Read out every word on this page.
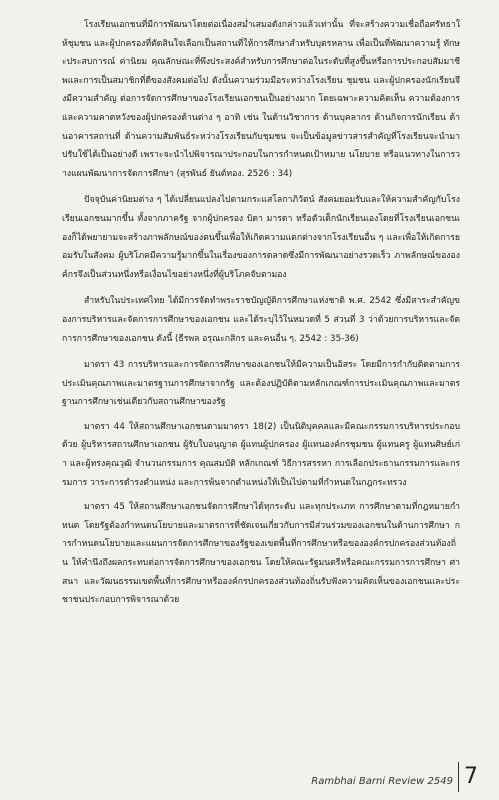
โรงเรียนเอกชนที่มีการพัฒนาโดยต่อเนื่องสม่ำเสมอดังกล่าวแล้วเท่านั้น ที่จะสร้างความเชื่อถือศรัทธาให้ชุมชน และผู้ปกครองที่ตัดสินใจเลือกเป็นสถานที่ให้การศึกษาสำหรับบุตรหลาน เพื่อเป็นที่พัฒนาความรู้ ทักษะประสบการณ์ ค่านิยม คุณลักษณะที่พึงประสงค์สำหรับการศึกษาต่อในระดับที่สูงขึ้นหรือการประกอบสัมมาชีพและการเป็นสมาชิกที่ดีของสังคมต่อไป ดังนั้นความร่วมมือระหว่างโรงเรียน ชุมชน และผู้ปกครองนักเรียนจึงมีความสำคัญ ต่อการจัดการศึกษาของโรงเรียนเอกชนเป็นอย่างมาก โดยเฉพาะความคิดเห็น ความต้องการ และความคาดหวังของผู้ปกครองด้านต่าง ๆ อาทิ เช่น ในด้านวิชาการ ด้านบุคลากร ด้านกิจการนักเรียน ด้านอาคารสถานที่ ด้านความสัมพันธ์ระหว่างโรงเรียนกับชุมชน จะเป็นข้อมูลข่าวสารสำคัญที่โรงเรียนจะนำมาปรับใช้ได้เป็นอย่างดี เพราะจะนำไปพิจารณาประกอบในการกำหนดเป้าหมาย นโยบาย หรือแนวทางในการวางแผนพัฒนาการจัดการศึกษา (สุรพันธ์ ยันต์ทอง. 2526 : 34)

ปัจจุบันค่านิยมต่าง ๆ ได้เปลี่ยนแปลงไปตามกระแสโลกาภิวัตน์ สังคมยอมรับและให้ความสำคัญกับโรงเรียนเอกชนมากขึ้น ทั้งจากภาครัฐ จากผู้ปกครอง บิดา มารดา หรือตัวเด็กนักเรียนเองโดยที่โรงเรียนเอกชนเองก็ได้พยายามจะสร้างภาพลักษณ์ของตนขึ้นเพื่อให้เกิดความแตกต่างจากโรงเรียนอื่น ๆ และเพื่อให้เกิดการยอมรับในสังคม ผู้บริโภคมีความรู้มากขึ้นในเรื่องของการตลาดซึ่งมีการพัฒนาอย่างรวดเร็ว ภาพลักษณ์ขององค์กรจึงเป็นส่วนหนึ่งหรือเงื่อนไขอย่างหนึ่งที่ผู้บริโภคจับตามอง

สำหรับในประเทศไทย ได้มีการจัดทำพระราชบัญญัติการศึกษาแห่งชาติ พ.ศ. 2542 ซึ่งมีสาระสำคัญของการบริหารและจัดการการศึกษาของเอกชน และได้ระบุไว้ในหมวดที่ 5 ส่วนที่ 3 ว่าด้วยการบริหารและจัดการการศึกษาของเอกชน ดังนี้ (ธีรพล อรุณะกสิกร และคนอื่น ๆ. 2542 : 35-36)

มาตรา 43 การบริหารและการจัดการศึกษาของเอกชนให้มีความเป็นอิสระ โดยมีการกำกับติดตามการประเมินคุณภาพและมาตรฐานการศึกษาจากรัฐ และต้องปฏิบัติตามหลักเกณฑ์การประเมินคุณภาพและมาตรฐานการศึกษาเช่นเดียวกับสถานศึกษาของรัฐ

มาตรา 44 ให้สถานศึกษาเอกชนตามมาตรา 18(2) เป็นนิติบุคคลและมีคณะกรรมการบริหารประกอบด้วย ผู้บริหารสถานศึกษาเอกชน ผู้รับใบอนุญาต ผู้แทนผู้ปกครอง ผู้แทนองค์กรชุมชน ผู้แทนครู ผู้แทนศิษย์เก่า และผู้ทรงคุณวุฒิ จำนวนกรรมการ คุณสมบัติ หลักเกณฑ์ วิธีการสรรหา การเลือกประธานกรรมการและกรรมการ วาระการดำรงตำแหน่ง และการพ้นจากตำแหน่งให้เป็นไปตามที่กำหนดในกฎกระทรวง

มาตรา 45 ให้สถานศึกษาเอกชนจัดการศึกษาได้ทุกระดับ และทุกประเภท การศึกษาตามที่กฎหมายกำหนด โดยรัฐต้องกำหนดนโยบายและมาตรการที่ชัดเจนเกี่ยวกับการมีส่วนร่วมของเอกชนในด้านการศึกษา การกำหนดนโยบายและแผนการจัดการศึกษาของรัฐของเขตพื้นที่การศึกษาหรือขององค์กรปกครองส่วนท้องถิ่น ให้คำนึงถึงผลกระทบต่อการจัดการศึกษาของเอกชน โดยให้คณะรัฐมนตรีหรือคณะกรรมการการศึกษา ศาสนา และวัฒนธรรมเขตพื้นที่การศึกษาหรือองค์กรปกครองส่วนท้องถิ่นรับฟังความคิดเห็นของเอกชนและประชาชนประกอบการพิจารณาด้วย

Rambhai Barni Review 2549 7
